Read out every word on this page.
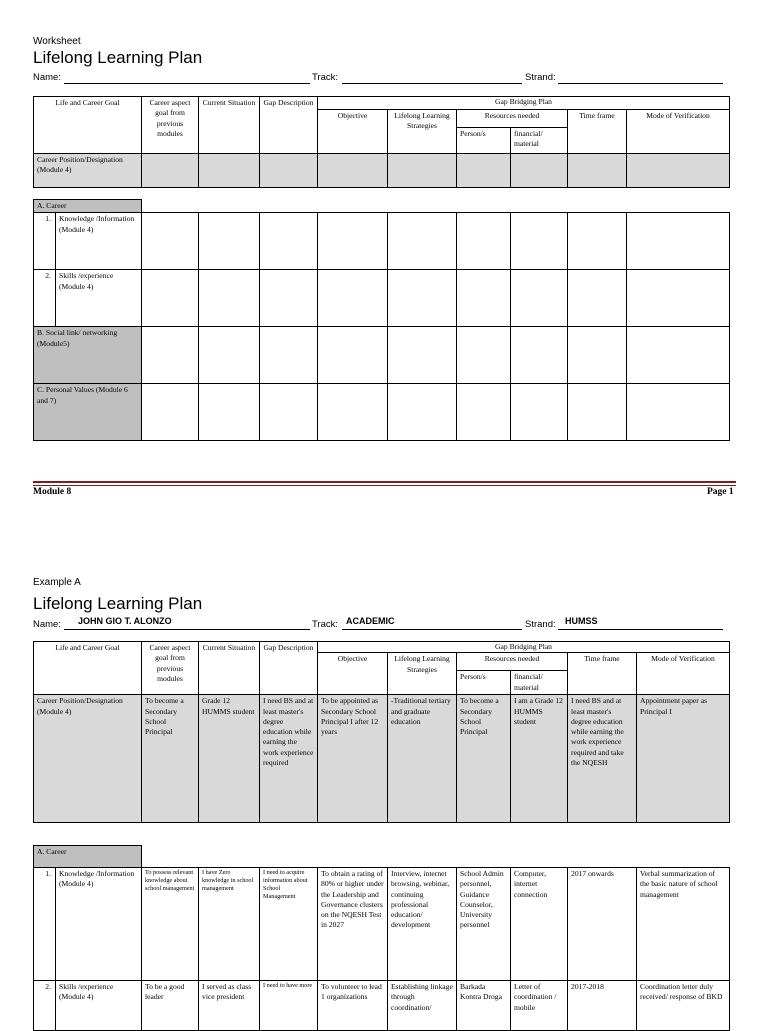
Worksheet
Lifelong Learning Plan
Name:	Track:	Strand:
Life and Career Goal	Career aspect goal from previous modules	Current Situation	Gap Description	Gap Bridging Plan					
				Objective	Lifelong Learning Strategies	Resources needed		Time frame	Mode of Verification
						Person/s	financial/ material		
Career Position/Designation (Module 4)									
A. Career										
1.	Knowledge /Information (Module 4)									
2.	Skills /experience (Module 4)									
B. Social link/ networking (Module5)										
C. Personal Values (Module 6 and 7)										
Module 8	Page 1
Example A
Lifelong Learning Plan
Name: JOHN GIO T. ALONZO	Track: ACADEMIC	Strand: HUMSS
Life and Career Goal	Career aspect goal from previous modules	Current Situation	Gap Description	Gap Bridging Plan					
				Objective	Lifelong Learning Strategies	Resources needed		Time frame	Mode of Verification
						Person/s	financial/ material		
Career Position/Designation (Module 4)	To become a Secondary School Principal	Grade 12 HUMMS student	I need BS and at least master's degree education while earning the work experience required	To be appointed as Secondary School Principal I after 12 years	-Traditional tertiary and graduate education	To become a Secondary School Principal	I am a Grade 12 HUMMS student	I need BS and at least master's degree education while earning the work experience required and take the NQESH	Appointment paper as Principal I
A. Career										
1.	Knowledge /Information (Module 4)	To possess relevant knowledge about school management	I have Zero knowledge in school management	I need to acquire information about School Management	To obtain a rating of 80% or higher under the Leadership and Governance clusters on the NQESH Test in 2027	Interview, internet browsing, webinar, continuing professional education/ development	School Admin personnel, Guidance Counselor, University personnel	Computer, internet connection	2017 onwards	Verbal summarization of the basic nature of school management
2.	Skills /experience (Module 4)	To be a good leader	I served as class vice president	I need to have more	To volunteer to lead 1 organizations	Establishing linkage through coordination/	Barkada Kontra Droga	Letter of coordination / mobile	2017-2018	Coordination letter duly received/ response of BKD
